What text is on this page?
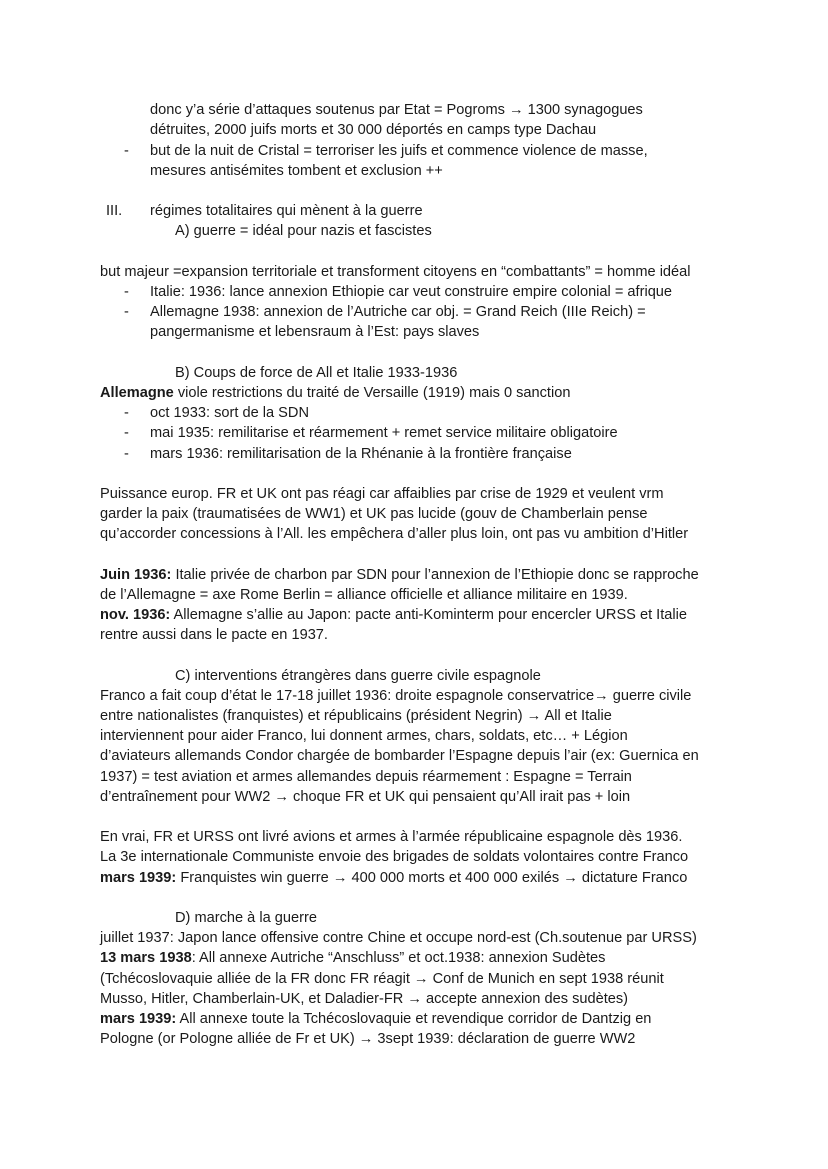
donc y’a série d’attaques soutenus par Etat = Pogroms → 1300 synagogues
détruites, 2000 juifs morts et 30 000 déportés en camps type Dachau
- but de la nuit de Cristal = terroriser les juifs et commence violence de masse,
mesures antisémites tombent et exclusion ++
III. régimes totalitaires qui mènent à la guerre
A) guerre = idéal pour nazis et fascistes
but majeur =expansion territoriale et transforment citoyens en “combattants” = homme idéal
- Italie: 1936: lance annexion Ethiopie car veut construire empire colonial = afrique
- Allemagne 1938: annexion de l’Autriche car obj. = Grand Reich (IIIe Reich) =
pangermanisme et lebensraum à l’Est: pays slaves
B) Coups de force de All et Italie 1933-1936
Allemagne viole restrictions du traité de Versaille (1919) mais 0 sanction
- oct 1933: sort de la SDN
- mai 1935: remilitarise et réarmement + remet service militaire obligatoire
- mars 1936: remilitarisation de la Rhénanie à la frontière française
Puissance europ. FR et UK ont pas réagi car affaiblies par crise de 1929 et veulent vrm
garder la paix (traumatisées de WW1) et UK pas lucide (gouv de Chamberlain pense
qu’accorder concessions à l’All. les empêchera d’aller plus loin, ont pas vu ambition d’Hitler
Juin 1936: Italie privée de charbon par SDN pour l’annexion de l’Ethiopie donc se rapproche
de l’Allemagne = axe Rome Berlin = alliance officielle et alliance militaire en 1939.
nov. 1936: Allemagne s’allie au Japon: pacte anti-Kominterm pour encercler URSS et Italie
rentre aussi dans le pacte en 1937.
C) interventions étrangères dans guerre civile espagnole
Franco a fait coup d’état le 17-18 juillet 1936: droite espagnole conservatrice→ guerre civile
entre nationalistes (franquistes) et républicains (président Negrin) → All et Italie
interviennent pour aider Franco, lui donnent armes, chars, soldats, etc… + Légion
d’aviateurs allemands Condor chargée de bombarder l’Espagne depuis l’air (ex: Guernica en
1937) = test aviation et armes allemandes depuis réarmement : Espagne = Terrain
d’entraînement pour WW2 → choque FR et UK qui pensaient qu’All irait pas + loin
En vrai, FR et URSS ont livré avions et armes à l’armée républicaine espagnole dès 1936.
La 3e internationale Communiste envoie des brigades de soldats volontaires contre Franco
mars 1939: Franquistes win guerre → 400 000 morts et 400 000 exilés → dictature Franco
D) marche à la guerre
juillet 1937: Japon lance offensive contre Chine et occupe nord-est (Ch.soutenue par URSS)
13 mars 1938: All annexe Autriche “Anschluss” et oct.1938: annexion Sudètes
(Tchécoslovaquie alliée de la FR donc FR réagit → Conf de Munich en sept 1938 réunit
Musso, Hitler, Chamberlain-UK, et Daladier-FR → accepte annexion des sudètes)
mars 1939: All annexe toute la Tchécoslovaquie et revendique corridor de Dantzig en
Pologne (or Pologne alliée de Fr et UK) → 3sept 1939: déclaration de guerre WW2
